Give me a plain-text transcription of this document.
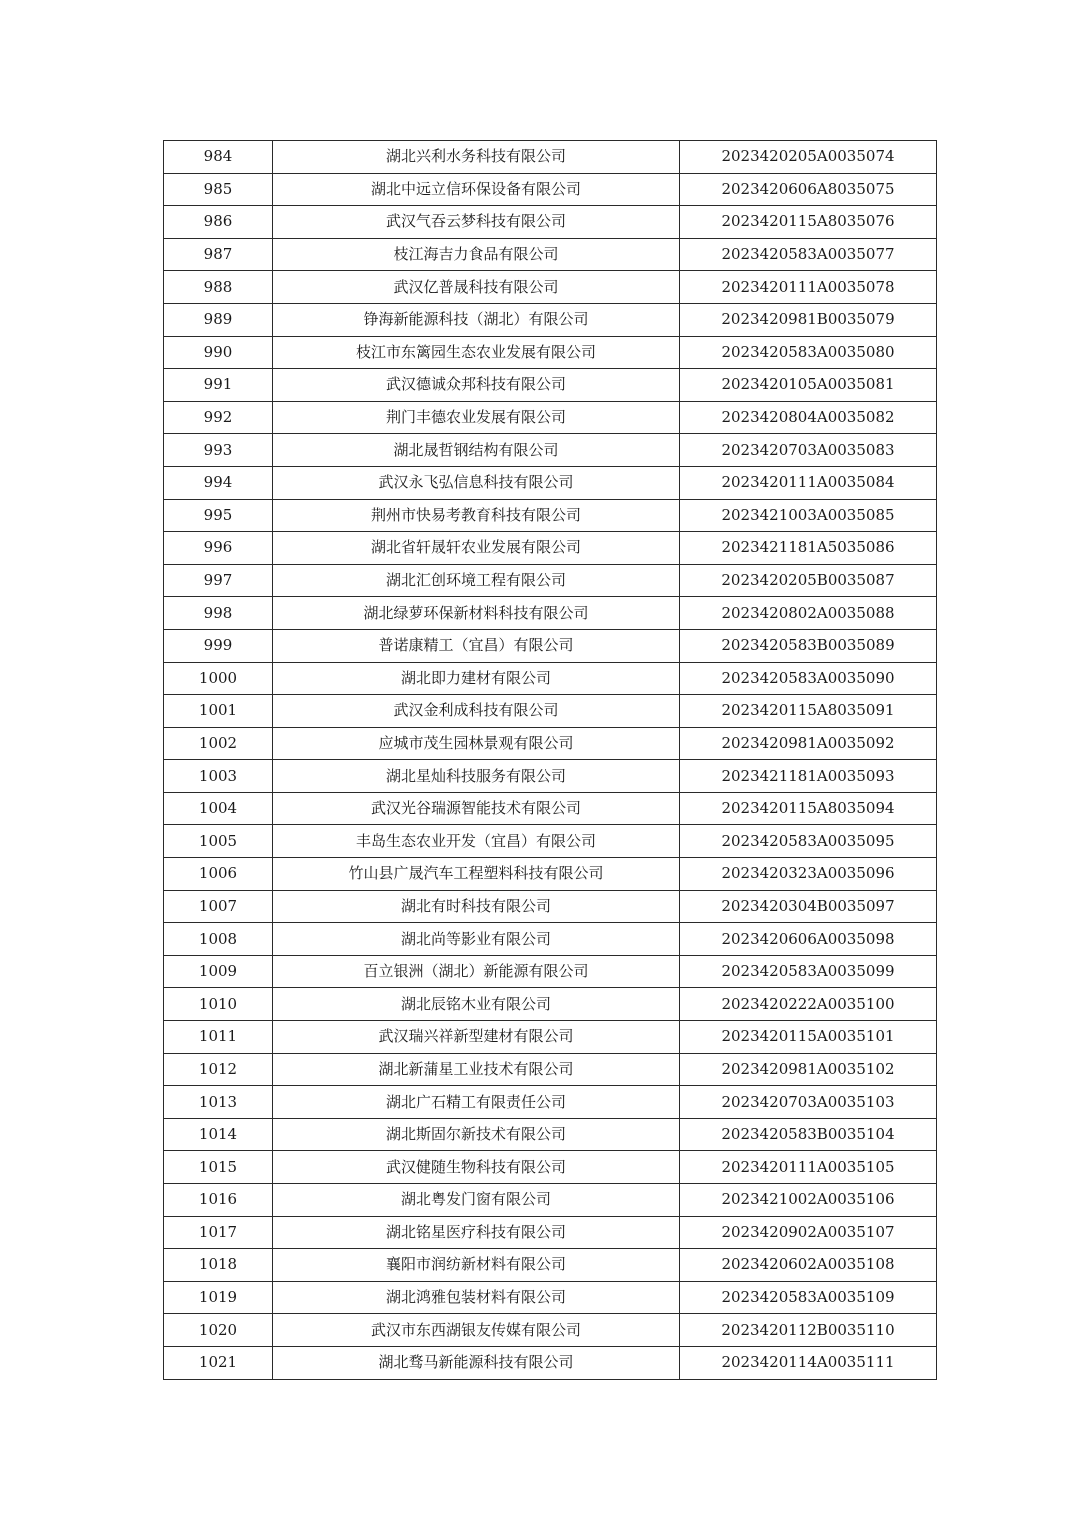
984	湖北兴利水务科技有限公司	2023420205A0035074
985	湖北中远立信环保设备有限公司	2023420606A8035075
986	武汉气吞云梦科技有限公司	2023420115A8035076
987	枝江海吉力食品有限公司	2023420583A0035077
988	武汉亿普晟科技有限公司	2023420111A0035078
989	铮海新能源科技（湖北）有限公司	2023420981B0035079
990	枝江市东篱园生态农业发展有限公司	2023420583A0035080
991	武汉德诚众邦科技有限公司	2023420105A0035081
992	荆门丰德农业发展有限公司	2023420804A0035082
993	湖北晟哲钢结构有限公司	2023420703A0035083
994	武汉永飞弘信息科技有限公司	2023420111A0035084
995	荆州市快易考教育科技有限公司	2023421003A0035085
996	湖北省轩晟轩农业发展有限公司	2023421181A5035086
997	湖北汇创环境工程有限公司	2023420205B0035087
998	湖北绿萝环保新材料科技有限公司	2023420802A0035088
999	普诺康精工（宜昌）有限公司	2023420583B0035089
1000	湖北即力建材有限公司	2023420583A0035090
1001	武汉金利成科技有限公司	2023420115A8035091
1002	应城市茂生园林景观有限公司	2023420981A0035092
1003	湖北星灿科技服务有限公司	2023421181A0035093
1004	武汉光谷瑞源智能技术有限公司	2023420115A8035094
1005	丰岛生态农业开发（宜昌）有限公司	2023420583A0035095
1006	竹山县广晟汽车工程塑料科技有限公司	2023420323A0035096
1007	湖北有时科技有限公司	2023420304B0035097
1008	湖北尚等影业有限公司	2023420606A0035098
1009	百立银洲（湖北）新能源有限公司	2023420583A0035099
1010	湖北辰铭木业有限公司	2023420222A0035100
1011	武汉瑞兴祥新型建材有限公司	2023420115A0035101
1012	湖北新蒲星工业技术有限公司	2023420981A0035102
1013	湖北广石精工有限责任公司	2023420703A0035103
1014	湖北斯固尔新技术有限公司	2023420583B0035104
1015	武汉健随生物科技有限公司	2023420111A0035105
1016	湖北粤发门窗有限公司	2023421002A0035106
1017	湖北铭星医疗科技有限公司	2023420902A0035107
1018	襄阳市润纺新材料有限公司	2023420602A0035108
1019	湖北鸿雅包装材料有限公司	2023420583A0035109
1020	武汉市东西湖银友传媒有限公司	2023420112B0035110
1021	湖北骛马新能源科技有限公司	2023420114A0035111
